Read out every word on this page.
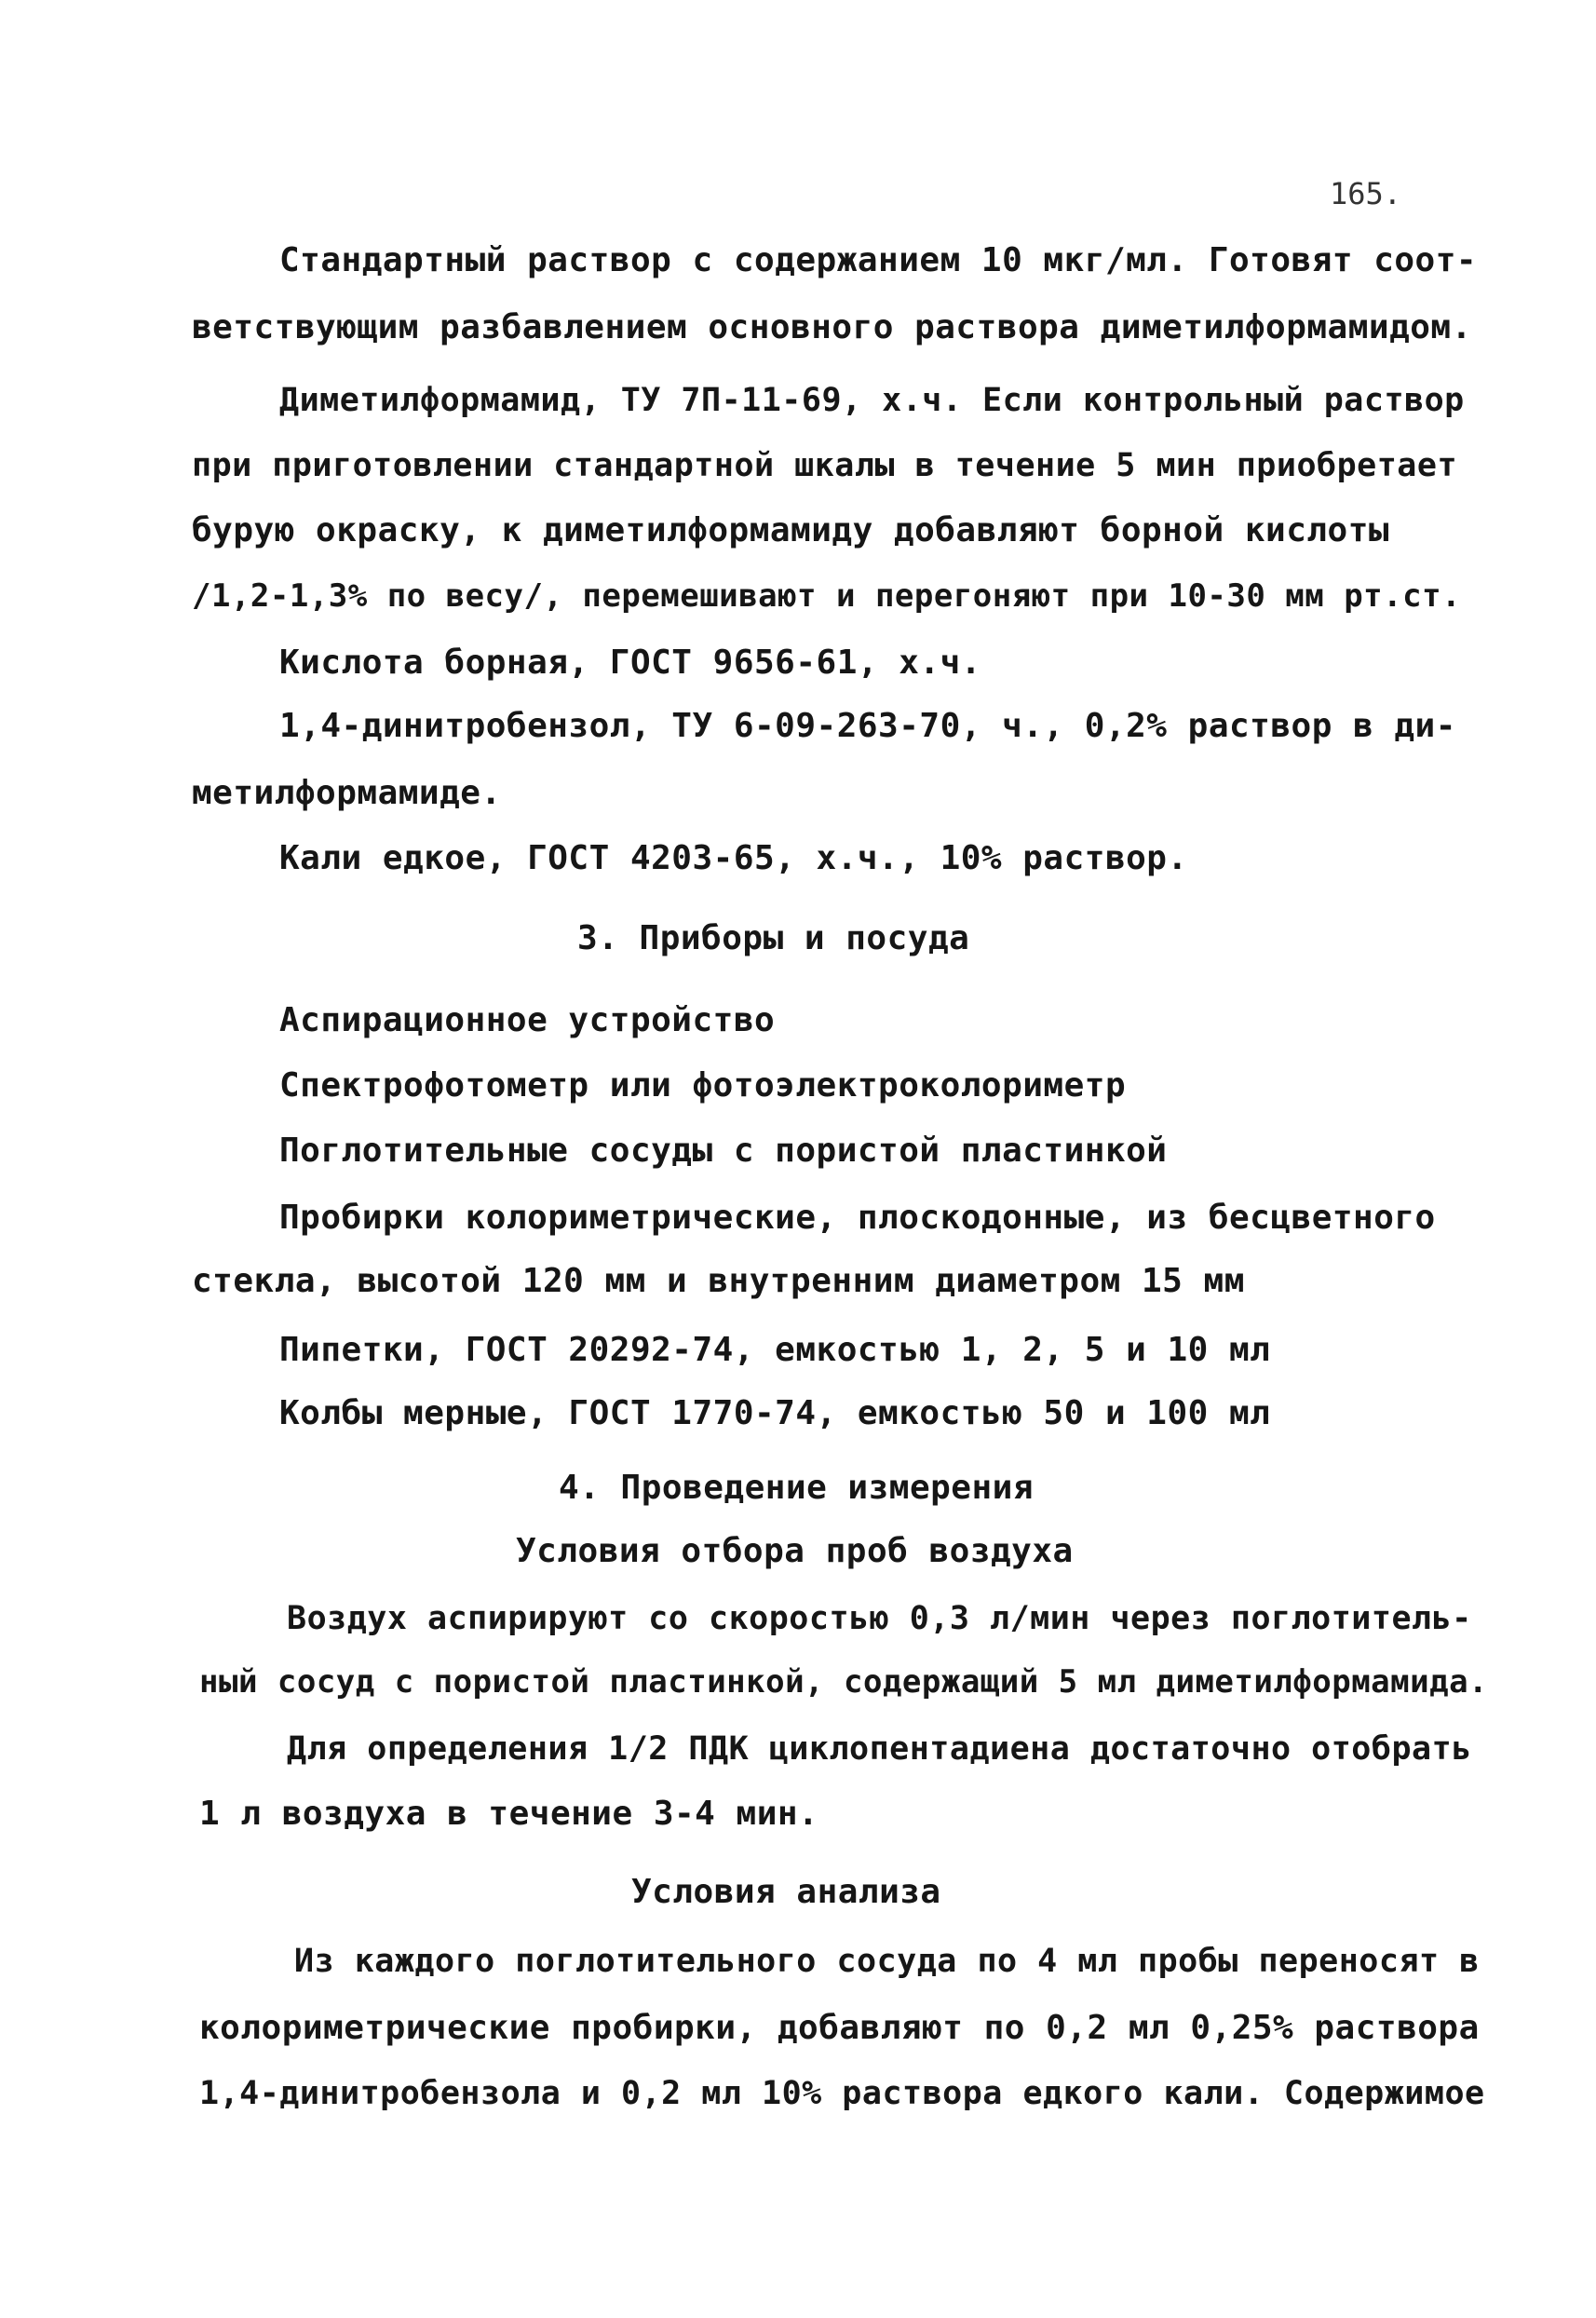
165.
Стандартный раствор с содержанием 10 мкг/мл. Готовят соот-
ветствующим разбавлением основного раствора диметилформамидом.
Диметилформамид, ТУ 7П-11-69, х.ч. Если контрольный раствор
при приготовлении стандартной шкалы в течение 5 мин приобретает
бурую окраску, к диметилформамиду добавляют борной кислоты
/1,2-1,3% по весу/, перемешивают и перегоняют при 10-30 мм рт.ст.
Кислота борная, ГОСТ 9656-61, х.ч.
1,4-динитробензол, ТУ 6-09-263-70, ч., 0,2% раствор в ди-
метилформамиде.
Кали едкое, ГОСТ 4203-65, х.ч., 10% раствор.
3. Приборы и посуда
Аспирационное устройство
Спектрофотометр или фотоэлектроколориметр
Поглотительные сосуды с пористой пластинкой
Пробирки колориметрические, плоскодонные, из бесцветного
стекла, высотой 120 мм и внутренним диаметром 15 мм
Пипетки, ГОСТ 20292-74, емкостью 1, 2, 5 и 10 мл
Колбы мерные, ГОСТ 1770-74, емкостью 50 и 100 мл
4. Проведение измерения
Условия отбора проб воздуха
Воздух аспирируют со скоростью 0,3 л/мин через поглотитель-
ный сосуд с пористой пластинкой, содержащий 5 мл диметилформамида.
Для определения 1/2 ПДК циклопентадиена достаточно отобрать
1 л воздуха в течение 3-4 мин.
Условия анализа
Из каждого поглотительного сосуда по 4 мл пробы переносят в
колориметрические пробирки, добавляют по 0,2 мл 0,25% раствора
1,4-динитробензола и 0,2 мл 10% раствора едкого кали. Содержимое
